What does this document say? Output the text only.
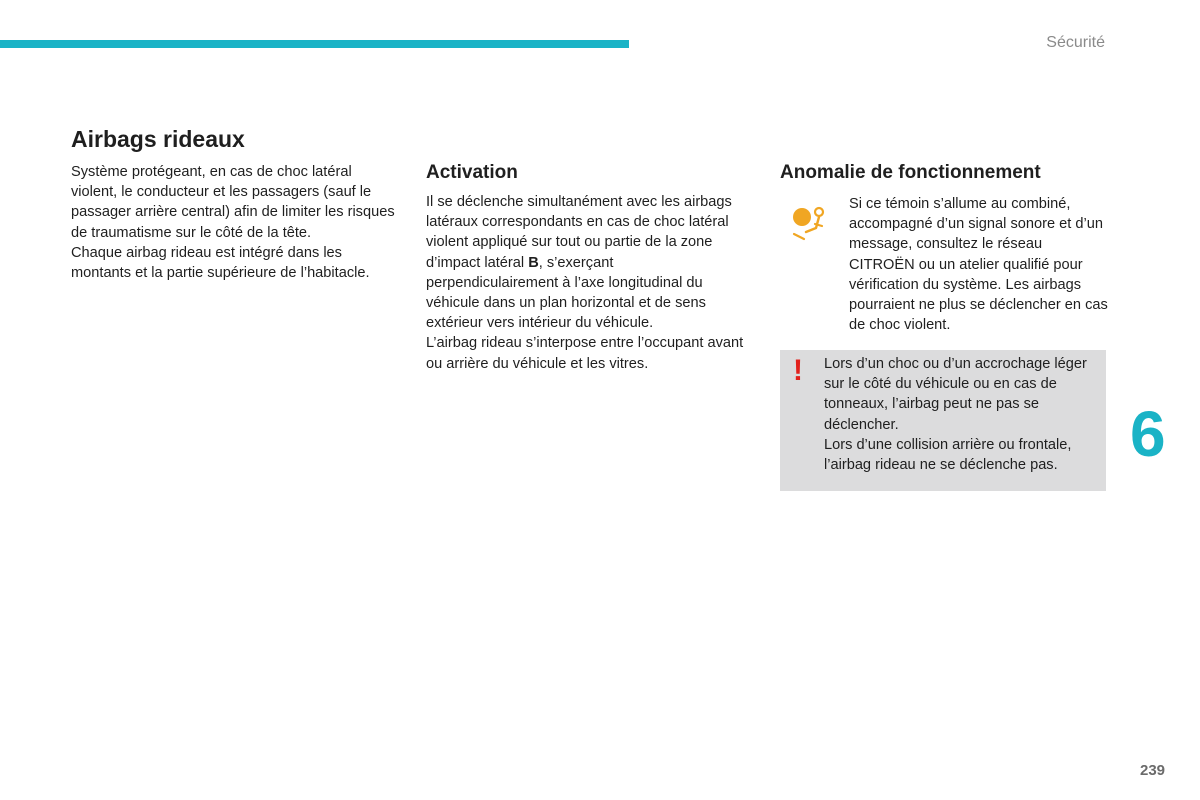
Sécurité
Airbags rideaux

Système protégeant, en cas de choc latéral violent, le conducteur et les passagers (sauf le passager arrière central) afin de limiter les risques de traumatisme sur le côté de la tête.

Chaque airbag rideau est intégré dans les montants et la partie supérieure de l’habitacle.

Activation

Il se déclenche simultanément avec les airbags latéraux correspondants en cas de choc latéral violent appliqué sur tout ou partie de la zone d’impact latéral B, s’exerçant perpendiculairement à l’axe longitudinal du véhicule dans un plan horizontal et de sens extérieur vers intérieur du véhicule.

L’airbag rideau s’interpose entre l’occupant avant ou arrière du véhicule et les vitres.

Anomalie de fonctionnement
Si ce témoin s’allume au combiné, accompagné d’un signal sonore et d’un message, consultez le réseau CITROËN ou un atelier qualifié pour vérification du système. Les airbags pourraient ne plus se déclencher en cas de choc violent.
! Lors d’un choc ou d’un accrochage léger sur le côté du véhicule ou en cas de tonneaux, l’airbag peut ne pas se déclencher.

Lors d’une collision arrière ou frontale, l’airbag rideau ne se déclenche pas.	6
239
